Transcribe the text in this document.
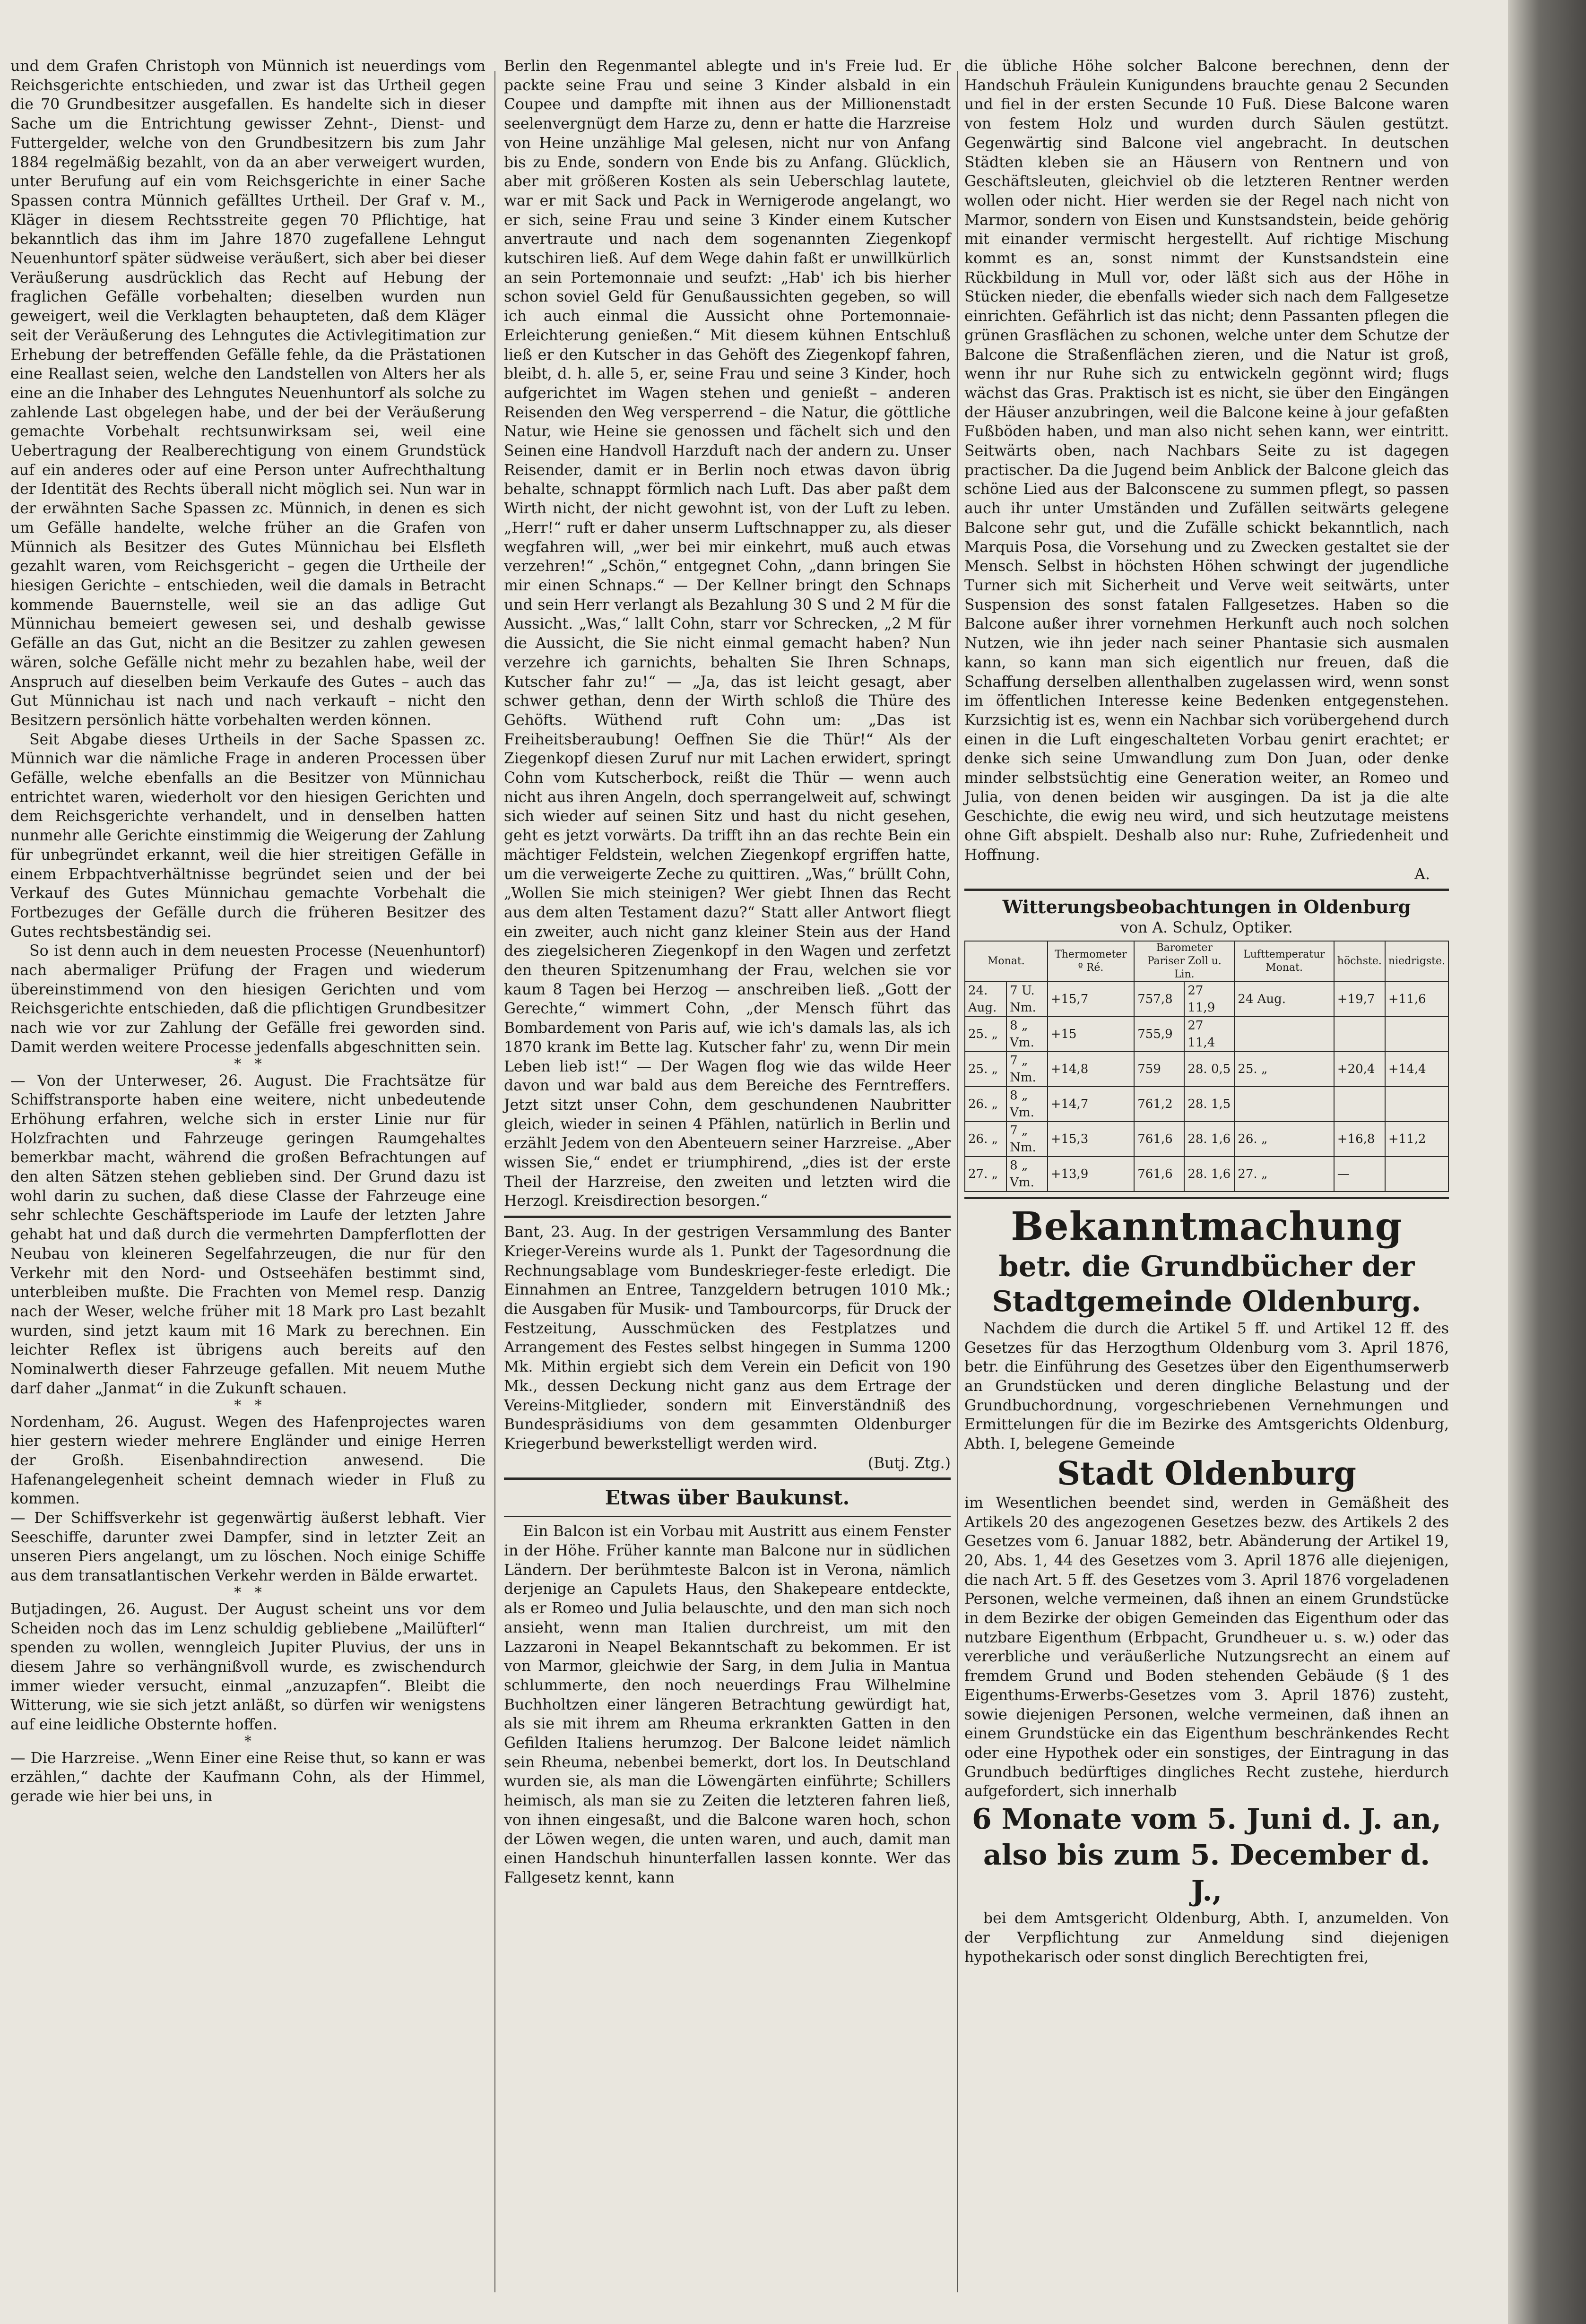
und dem Grafen Christoph von Münnich ist neuerdings vom Reichsgerichte entschieden, und zwar ist das Urtheil gegen die 70 Grundbesitzer ausgefallen. Es handelte sich in dieser Sache um die Entrichtung gewisser Zehnt-, Dienst- und Futtergelder, welche von den Grundbesitzern bis zum Jahr 1884 regelmäßig bezahlt, von da an aber verweigert wurden, unter Berufung auf ein vom Reichsgerichte in einer Sache Spassen contra Münnich gefälltes Urtheil. Der Graf v. M., Kläger in diesem Rechtsstreite gegen 70 Pflichtige, hat bekanntlich das ihm im Jahre 1870 zugefallene Lehngut Neuenhuntorf später südweise veräußert, sich aber bei dieser Veräußerung ausdrücklich das Recht auf Hebung der fraglichen Gefälle vorbehalten; dieselben wurden nun geweigert, weil die Verklagten behaupteten, daß dem Kläger seit der Veräußerung des Lehngutes die Activlegitimation zur Erhebung der betreffenden Gefälle fehle, da die Prästationen eine Reallast seien, welche den Landstellen von Alters her als eine an die Inhaber des Lehngutes Neuenhuntorf als solche zu zahlende Last obgelegen habe, und der bei der Veräußerung gemachte Vorbehalt rechtsunwirksam sei, weil eine Uebertragung der Realberechtigung von einem Grundstück auf ein anderes oder auf eine Person unter Aufrechthaltung der Identität des Rechts überall nicht möglich sei. Nun war in der erwähnten Sache Spassen zc. Münnich, in denen es sich um Gefälle handelte, welche früher an die Grafen von Münnich als Besitzer des Gutes Münnichau bei Elsfleth gezahlt waren, vom Reichsgericht – gegen die Urtheile der hiesigen Gerichte – entschieden, weil die damals in Betracht kommende Bauernstelle, weil sie an das adlige Gut Münnichau bemeiert gewesen sei, und deshalb gewisse Gefälle an das Gut, nicht an die Besitzer zu zahlen gewesen wären, solche Gefälle nicht mehr zu bezahlen habe, weil der Anspruch auf dieselben beim Verkaufe des Gutes – auch das Gut Münnichau ist nach und nach verkauft – nicht den Besitzern persönlich hätte vorbehalten werden können.

Seit Abgabe dieses Urtheils in der Sache Spassen zc. Münnich war die nämliche Frage in anderen Processen über Gefälle, welche ebenfalls an die Besitzer von Münnichau entrichtet waren, wiederholt vor den hiesigen Gerichten und dem Reichsgerichte verhandelt, und in denselben hatten nunmehr alle Gerichte einstimmig die Weigerung der Zahlung für unbegründet erkannt, weil die hier streitigen Gefälle in einem Erbpachtverhältnisse begründet seien und der bei Verkauf des Gutes Münnichau gemachte Vorbehalt die Fortbezuges der Gefälle durch die früheren Besitzer des Gutes rechtsbeständig sei.

So ist denn auch in dem neuesten Processe (Neuenhuntorf) nach abermaliger Prüfung der Fragen und wiederum übereinstimmend von den hiesigen Gerichten und vom Reichsgerichte entschieden, daß die pflichtigen Grundbesitzer nach wie vor zur Zahlung der Gefälle frei geworden sind. Damit werden weitere Processe jedenfalls abgeschnitten sein.

*   *

— Von der Unterweser, 26. August. Die Frachtsätze für Schiffstransporte haben eine weitere, nicht unbedeutende Erhöhung erfahren, welche sich in erster Linie nur für Holzfrachten und Fahrzeuge geringen Raumgehaltes bemerkbar macht, während die großen Befrachtungen auf den alten Sätzen stehen geblieben sind. Der Grund dazu ist wohl darin zu suchen, daß diese Classe der Fahrzeuge eine sehr schlechte Geschäftsperiode im Laufe der letzten Jahre gehabt hat und daß durch die vermehrten Dampferflotten der Neubau von kleineren Segelfahrzeugen, die nur für den Verkehr mit den Nord- und Ostseehäfen bestimmt sind, unterbleiben mußte. Die Frachten von Memel resp. Danzig nach der Weser, welche früher mit 18 Mark pro Last bezahlt wurden, sind jetzt kaum mit 16 Mark zu berechnen. Ein leichter Reflex ist übrigens auch bereits auf den Nominalwerth dieser Fahrzeuge gefallen. Mit neuem Muthe darf daher „Janmat“ in die Zukunft schauen.

*   *

Nordenham, 26. August. Wegen des Hafenprojectes waren hier gestern wieder mehrere Engländer und einige Herren der Großh. Eisenbahndirection anwesend. Die Hafenangelegenheit scheint demnach wieder in Fluß zu kommen.

— Der Schiffsverkehr ist gegenwärtig äußerst lebhaft. Vier Seeschiffe, darunter zwei Dampfer, sind in letzter Zeit an unseren Piers angelangt, um zu löschen. Noch einige Schiffe aus dem transatlantischen Verkehr werden in Bälde erwartet.

*   *

Butjadingen, 26. August. Der August scheint uns vor dem Scheiden noch das im Lenz schuldig gebliebene „Mailüfterl“ spenden zu wollen, wenngleich Jupiter Pluvius, der uns in diesem Jahre so verhängnißvoll wurde, es zwischendurch immer wieder versucht, einmal „anzuzapfen“. Bleibt die Witterung, wie sie sich jetzt anläßt, so dürfen wir wenigstens auf eine leidliche Obsternte hoffen.

*

— Die Harzreise. „Wenn Einer eine Reise thut, so kann er was erzählen,“ dachte der Kaufmann Cohn, als der Himmel, gerade wie hier bei uns, in

Berlin den Regenmantel ablegte und in's Freie lud. Er packte seine Frau und seine 3 Kinder alsbald in ein Coupee und dampfte mit ihnen aus der Millionenstadt seelenvergnügt dem Harze zu, denn er hatte die Harzreise von Heine unzählige Mal gelesen, nicht nur von Anfang bis zu Ende, sondern von Ende bis zu Anfang. Glücklich, aber mit größeren Kosten als sein Ueberschlag lautete, war er mit Sack und Pack in Wernigerode angelangt, wo er sich, seine Frau und seine 3 Kinder einem Kutscher anvertraute und nach dem sogenannten Ziegenkopf kutschiren ließ. Auf dem Wege dahin faßt er unwillkürlich an sein Portemonnaie und seufzt: „Hab' ich bis hierher schon soviel Geld für Genußaussichten gegeben, so will ich auch einmal die Aussicht ohne Portemonnaie-Erleichterung genießen.“ Mit diesem kühnen Entschluß ließ er den Kutscher in das Gehöft des Ziegenkopf fahren, bleibt, d. h. alle 5, er, seine Frau und seine 3 Kinder, hoch aufgerichtet im Wagen stehen und genießt – anderen Reisenden den Weg versperrend – die Natur, die göttliche Natur, wie Heine sie genossen und fächelt sich und den Seinen eine Handvoll Harzduft nach der andern zu. Unser Reisender, damit er in Berlin noch etwas davon übrig behalte, schnappt förmlich nach Luft. Das aber paßt dem Wirth nicht, der nicht gewohnt ist, von der Luft zu leben. „Herr!“ ruft er daher unserm Luftschnapper zu, als dieser wegfahren will, „wer bei mir einkehrt, muß auch etwas verzehren!“ „Schön,“ entgegnet Cohn, „dann bringen Sie mir einen Schnaps.“ — Der Kellner bringt den Schnaps und sein Herr verlangt als Bezahlung 30 S und 2 M für die Aussicht. „Was,“ lallt Cohn, starr vor Schrecken, „2 M für die Aussicht, die Sie nicht einmal gemacht haben? Nun verzehre ich garnichts, behalten Sie Ihren Schnaps, Kutscher fahr zu!“ — „Ja, das ist leicht gesagt, aber schwer gethan, denn der Wirth schloß die Thüre des Gehöfts. Wüthend ruft Cohn um: „Das ist Freiheitsberaubung! Oeffnen Sie die Thür!“ Als der Ziegenkopf diesen Zuruf nur mit Lachen erwidert, springt Cohn vom Kutscherbock, reißt die Thür — wenn auch nicht aus ihren Angeln, doch sperrangelweit auf, schwingt sich wieder auf seinen Sitz und hast du nicht gesehen, geht es jetzt vorwärts. Da trifft ihn an das rechte Bein ein mächtiger Feldstein, welchen Ziegenkopf ergriffen hatte, um die verweigerte Zeche zu quittiren. „Was,“ brüllt Cohn, „Wollen Sie mich steinigen? Wer giebt Ihnen das Recht aus dem alten Testament dazu?“ Statt aller Antwort fliegt ein zweiter, auch nicht ganz kleiner Stein aus der Hand des ziegelsicheren Ziegenkopf in den Wagen und zerfetzt den theuren Spitzenumhang der Frau, welchen sie vor kaum 8 Tagen bei Herzog — anschreiben ließ. „Gott der Gerechte,“ wimmert Cohn, „der Mensch führt das Bombardement von Paris auf, wie ich's damals las, als ich 1870 krank im Bette lag. Kutscher fahr' zu, wenn Dir mein Leben lieb ist!“ — Der Wagen flog wie das wilde Heer davon und war bald aus dem Bereiche des Ferntreffers. Jetzt sitzt unser Cohn, dem geschundenen Naubritter gleich, wieder in seinen 4 Pfählen, natürlich in Berlin und erzählt Jedem von den Abenteuern seiner Harzreise. „Aber wissen Sie,“ endet er triumphirend, „dies ist der erste Theil der Harzreise, den zweiten und letzten wird die Herzogl. Kreisdirection besorgen.“

Bant, 23. Aug. In der gestrigen Versammlung des Banter Krieger-Vereins wurde als 1. Punkt der Tagesordnung die Rechnungsablage vom Bundeskrieger-feste erledigt. Die Einnahmen an Entree, Tanzgeldern betrugen 1010 Mk.; die Ausgaben für Musik- und Tambourcorps, für Druck der Festzeitung, Ausschmücken des Festplatzes und Arrangement des Festes selbst hingegen in Summa 1200 Mk. Mithin ergiebt sich dem Verein ein Deficit von 190 Mk., dessen Deckung nicht ganz aus dem Ertrage der Vereins-Mitglieder, sondern mit Einverständniß des Bundespräsidiums von dem gesammten Oldenburger Kriegerbund bewerkstelligt werden wird.

(Butj. Ztg.)

Etwas über Baukunst.

Ein Balcon ist ein Vorbau mit Austritt aus einem Fenster in der Höhe. Früher kannte man Balcone nur in südlichen Ländern. Der berühmteste Balcon ist in Verona, nämlich derjenige an Capulets Haus, den Shakepeare entdeckte, als er Romeo und Julia belauschte, und den man sich noch ansieht, wenn man Italien durchreist, um mit den Lazzaroni in Neapel Bekanntschaft zu bekommen. Er ist von Marmor, gleichwie der Sarg, in dem Julia in Mantua schlummerte, den noch neuerdings Frau Wilhelmine Buchholtzen einer längeren Betrachtung gewürdigt hat, als sie mit ihrem am Rheuma erkrankten Gatten in den Gefilden Italiens herumzog. Der Balcone leidet nämlich sein Rheuma, nebenbei bemerkt, dort los. In Deutschland wurden sie, als man die Löwengärten einführte; Schillers heimisch, als man sie zu Zeiten die letzteren fahren ließ, von ihnen eingesaßt, und die Balcone waren hoch, schon der Löwen wegen, die unten waren, und auch, damit man einen Handschuh hinunterfallen lassen konnte. Wer das Fallgesetz kennt, kann

die übliche Höhe solcher Balcone berechnen, denn der Handschuh Fräulein Kunigundens brauchte genau 2 Secunden und fiel in der ersten Secunde 10 Fuß. Diese Balcone waren von festem Holz und wurden durch Säulen gestützt. Gegenwärtig sind Balcone viel angebracht. In deutschen Städten kleben sie an Häusern von Rentnern und von Geschäftsleuten, gleichviel ob die letzteren Rentner werden wollen oder nicht. Hier werden sie der Regel nach nicht von Marmor, sondern von Eisen und Kunstsandstein, beide gehörig mit einander vermischt hergestellt. Auf richtige Mischung kommt es an, sonst nimmt der Kunstsandstein eine Rückbildung in Mull vor, oder läßt sich aus der Höhe in Stücken nieder, die ebenfalls wieder sich nach dem Fallgesetze einrichten. Gefährlich ist das nicht; denn Passanten pflegen die grünen Grasflächen zu schonen, welche unter dem Schutze der Balcone die Straßenflächen zieren, und die Natur ist groß, wenn ihr nur Ruhe sich zu entwickeln gegönnt wird; flugs wächst das Gras. Praktisch ist es nicht, sie über den Eingängen der Häuser anzubringen, weil die Balcone keine à jour gefaßten Fußböden haben, und man also nicht sehen kann, wer eintritt. Seitwärts oben, nach Nachbars Seite zu ist dagegen practischer. Da die Jugend beim Anblick der Balcone gleich das schöne Lied aus der Balconscene zu summen pflegt, so passen auch ihr unter Umständen und Zufällen seitwärts gelegene Balcone sehr gut, und die Zufälle schickt bekanntlich, nach Marquis Posa, die Vorsehung und zu Zwecken gestaltet sie der Mensch. Selbst in höchsten Höhen schwingt der jugendliche Turner sich mit Sicherheit und Verve weit seitwärts, unter Suspension des sonst fatalen Fallgesetzes. Haben so die Balcone außer ihrer vornehmen Herkunft auch noch solchen Nutzen, wie ihn jeder nach seiner Phantasie sich ausmalen kann, so kann man sich eigentlich nur freuen, daß die Schaffung derselben allenthalben zugelassen wird, wenn sonst im öffentlichen Interesse keine Bedenken entgegenstehen. Kurzsichtig ist es, wenn ein Nachbar sich vorübergehend durch einen in die Luft eingeschalteten Vorbau genirt erachtet; er denke sich seine Umwandlung zum Don Juan, oder denke minder selbstsüchtig eine Generation weiter, an Romeo und Julia, von denen beiden wir ausgingen. Da ist ja die alte Geschichte, die ewig neu wird, und sich heutzutage meistens ohne Gift abspielt. Deshalb also nur: Ruhe, Zufriedenheit und Hoffnung.

A.
Witterungsbeobachtungen in Oldenburg
von A. Schulz, Optiker.
Monat.		Thermometer º Ré.	Barometer Pariser Zoll u. Lin.		Lufttemperatur Monat.	höchste.	niedrigste.
24. Aug.	7 U. Nm.	+15,7	757,8	27 11,9	24 Aug.	+19,7	+11,6
25. „	8 „ Vm.	+15	755,9	27 11,4			
25. „	7 „ Nm.	+14,8	759	28. 0,5	25. „	+20,4	+14,4
26. „	8 „ Vm.	+14,7	761,2	28. 1,5			
26. „	7 „ Nm.	+15,3	761,6	28. 1,6	26. „	+16,8	+11,2
27. „	8 „ Vm.	+13,9	761,6	28. 1,6	27. „	—	
Bekanntmachung
betr. die Grundbücher der
Stadtgemeinde Oldenburg.

Nachdem die durch die Artikel 5 ff. und Artikel 12 ff. des Gesetzes für das Herzogthum Oldenburg vom 3. April 1876, betr. die Einführung des Gesetzes über den Eigenthumserwerb an Grundstücken und deren dingliche Belastung und der Grundbuchordnung, vorgeschriebenen Vernehmungen und Ermittelungen für die im Bezirke des Amtsgerichts Oldenburg, Abth. I, belegene Gemeinde

Stadt Oldenburg

im Wesentlichen beendet sind, werden in Gemäßheit des Artikels 20 des angezogenen Gesetzes bezw. des Artikels 2 des Gesetzes vom 6. Januar 1882, betr. Abänderung der Artikel 19, 20, Abs. 1, 44 des Gesetzes vom 3. April 1876 alle diejenigen, die nach Art. 5 ff. des Gesetzes vom 3. April 1876 vorgeladenen Personen, welche vermeinen, daß ihnen an einem Grundstücke in dem Bezirke der obigen Gemeinden das Eigenthum oder das nutzbare Eigenthum (Erbpacht, Grundheuer u. s. w.) oder das vererbliche und veräußerliche Nutzungsrecht an einem auf fremdem Grund und Boden stehenden Gebäude (§ 1 des Eigenthums-Erwerbs-Gesetzes vom 3. April 1876) zusteht, sowie diejenigen Personen, welche vermeinen, daß ihnen an einem Grundstücke ein das Eigenthum beschränkendes Recht oder eine Hypothek oder ein sonstiges, der Eintragung in das Grundbuch bedürftiges dingliches Recht zustehe, hierdurch aufgefordert, sich innerhalb

6 Monate vom 5. Juni d. J. an,
also bis zum 5. December d. J.,

bei dem Amtsgericht Oldenburg, Abth. I, anzumelden. Von der Verpflichtung zur Anmeldung sind diejenigen hypothekarisch oder sonst dinglich Berechtigten frei,
